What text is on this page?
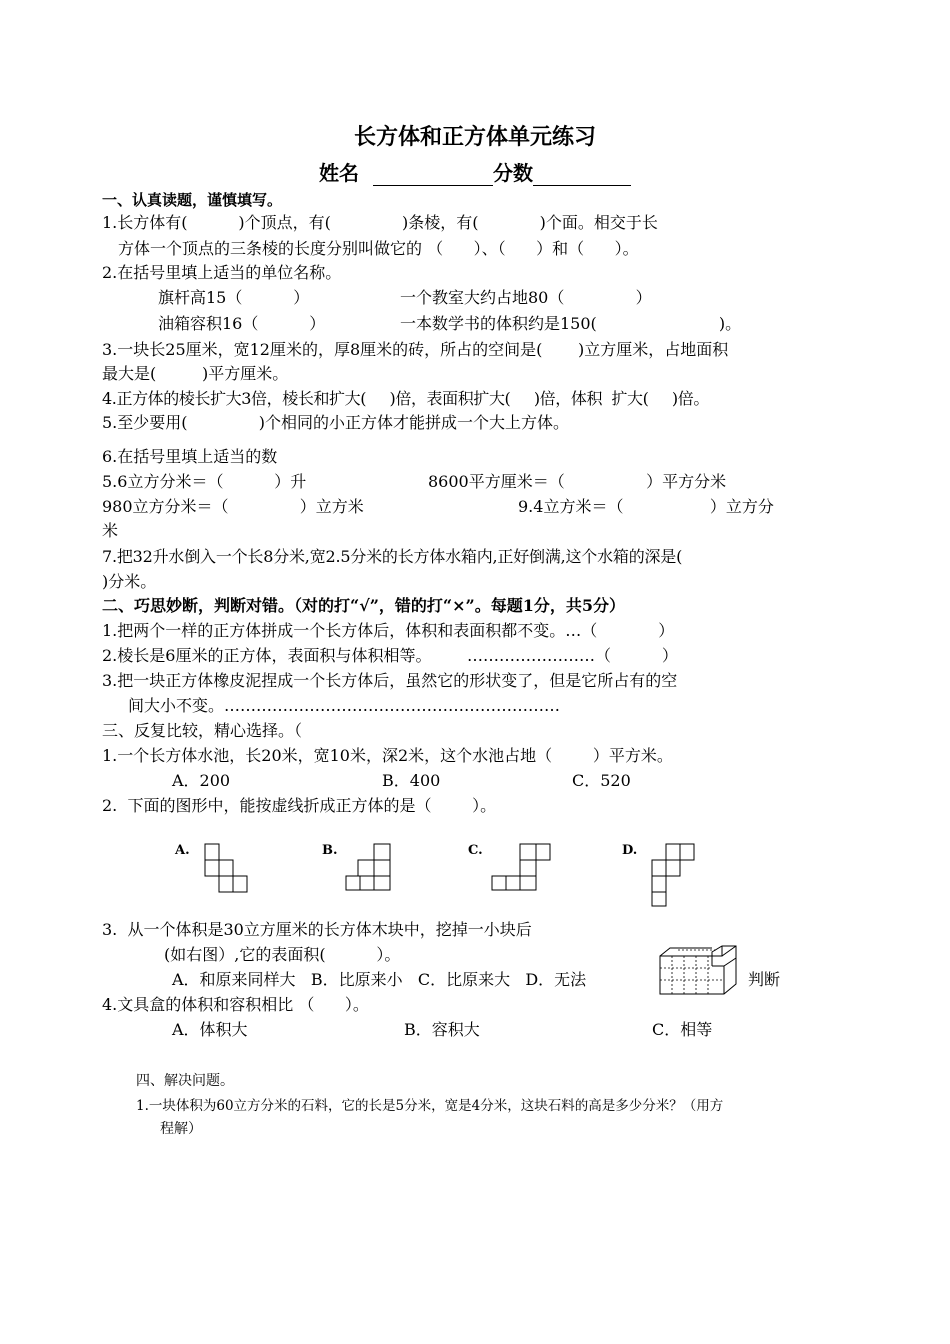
长方体和正方体单元练习
姓名	分数
一、认真读题，谨慎填写。
1.长方体有(          )个顶点，有(              )条棱，有(            )个面。相交于长
方体一个顶点的三条棱的长度分别叫做它的 （      ）、（      ）和（      ）。
2.在括号里填上适当的单位名称。
旗杆高15（          ）	一个教室大约占地80（              ）
油箱容积16（          ）	一本数学书的体积约是150(                        )。
3.一块长25厘米，宽12厘米的，厚8厘米的砖，所占的空间是(       )立方厘米，占地面积
最大是(         )平方厘米。
4.正方体的棱长扩大3倍，棱长和扩大(     )倍，表面积扩大(     )倍，体积  扩大(     )倍。
5.至少要用(              )个相同的小正方体才能拼成一个大上方体。
6.在括号里填上适当的数
5.6立方分米＝（          ）升	8600平方厘米＝（                ）平方分米
980立方分米＝（              ）立方米	9.4立方米＝（                 ）立方分
米
7.把32升水倒入一个长8分米,宽2.5分米的长方体水箱内,正好倒满,这个水箱的深是(
)分米。
二、巧思妙断，判断对错。（对的打“√”，错的打“×”。每题1分，共5分）
1.把两个一样的正方体拼成一个长方体后，体积和表面积都不变。…（            ）
2.棱长是6厘米的正方体，表面积与体积相等。       ……………………（          ）
3.把一块正方体橡皮泥捏成一个长方体后，虽然它的形状变了，但是它所占有的空
间大小不变。………………………………………………………
三、反复比较，精心选择。（
1.一个长方体水池，长20米，宽10米，深2米，这个水池占地（        ）平方米。
A．200	B．400	C．520
2.  下面的图形中，能按虚线折成正方体的是（        ）。
A.	B.	C.	D.
3.  从一个体积是30立方厘米的长方体木块中，挖掉一小块后
(如右图）,它的表面积(          ）。
A．和原来同样大   B．比原来小   C．比原来大   D．无法	判断
4.文具盒的体积和容积相比 （      ）。
A．体积大	B．容积大	C．相等
四、解决问题。
1.一块体积为60立方分米的石料，它的长是5分米，宽是4分米，这块石料的高是多少分米？（用方
程解）
